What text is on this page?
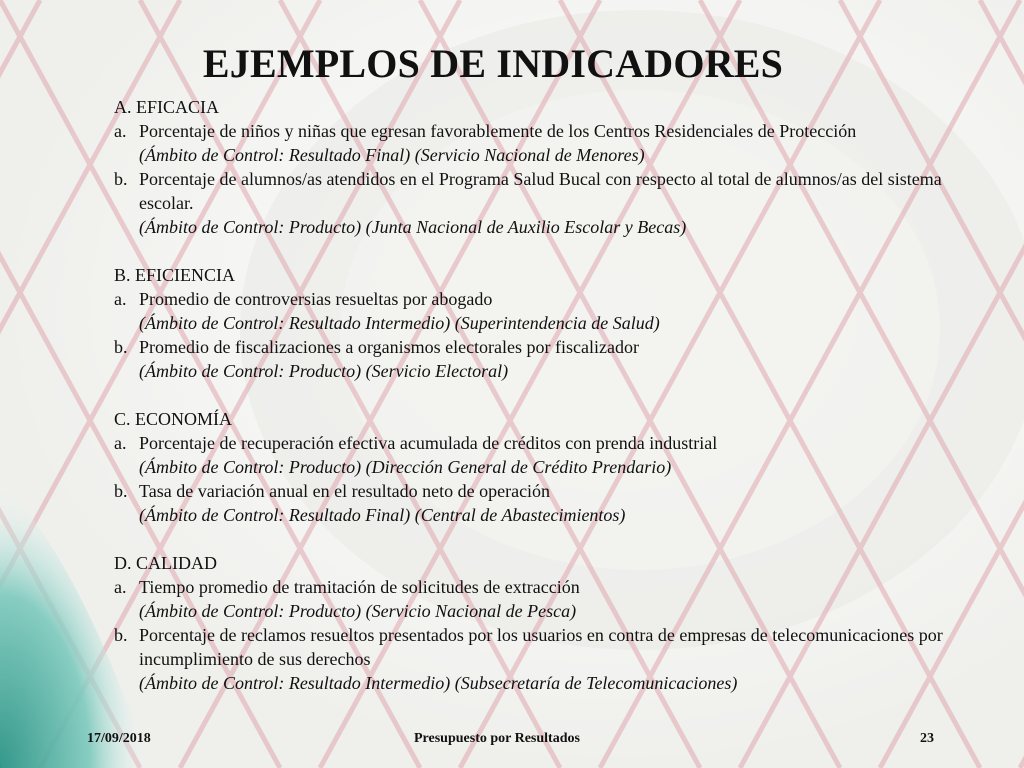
EJEMPLOS DE INDICADORES
A. EFICACIA
a. Porcentaje de niños y niñas que egresan favorablemente de los Centros Residenciales de Protección
(Ámbito de Control: Resultado Final) (Servicio Nacional de Menores)
b. Porcentaje de alumnos/as atendidos en el Programa Salud Bucal con respecto al total de alumnos/as del sistema escolar.
(Ámbito de Control: Producto) (Junta Nacional de Auxilio Escolar y Becas)
B. EFICIENCIA
a. Promedio de controversias resueltas por abogado
(Ámbito de Control: Resultado Intermedio) (Superintendencia de Salud)
b. Promedio de fiscalizaciones a organismos electorales por fiscalizador
(Ámbito de Control: Producto) (Servicio Electoral)
C. ECONOMÍA
a. Porcentaje de recuperación efectiva acumulada de créditos con prenda industrial
(Ámbito de Control: Producto) (Dirección General de Crédito Prendario)
b. Tasa de variación anual en el resultado neto de operación
(Ámbito de Control: Resultado Final) (Central de Abastecimientos)
D. CALIDAD
a. Tiempo promedio de tramitación de solicitudes de extracción
(Ámbito de Control: Producto) (Servicio Nacional de Pesca)
b. Porcentaje de reclamos resueltos presentados por los usuarios en contra de empresas de telecomunicaciones por incumplimiento de sus derechos
(Ámbito de Control: Resultado Intermedio) (Subsecretaría de Telecomunicaciones)
17/09/2018	Presupuesto por Resultados	23
